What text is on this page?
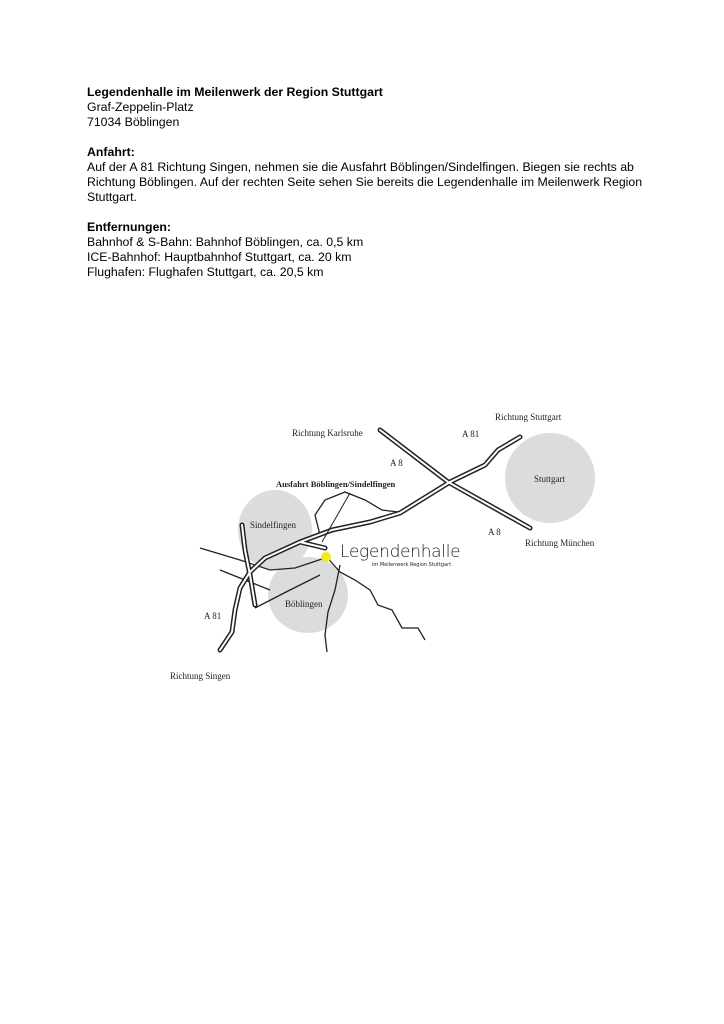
Legendenhalle im Meilenwerk der Region Stuttgart

Graf-Zeppelin-Platz

71034 Böblingen

Anfahrt:

Auf der A 81 Richtung Singen, nehmen sie die Ausfahrt Böblingen/Sindelfingen. Biegen sie rechts ab Richtung Böblingen. Auf der rechten Seite sehen Sie bereits die Legendenhalle im Meilenwerk Region Stuttgart.

Entfernungen:

Bahnhof & S-Bahn: Bahnhof Böblingen, ca. 0,5 km

ICE-Bahnhof: Hauptbahnhof Stuttgart, ca. 20 km

Flughafen: Flughafen Stuttgart, ca. 20,5 km

Richtung Karlsruhe
Richtung Stuttgart
A 81
A 8
A 8
Stuttgart
Richtung München
Ausfahrt Böblingen/Sindelfingen
Sindelfingen
Legendenhalle
im Meilenwerk Region Stuttgart
Böblingen
A 81
Richtung Singen
